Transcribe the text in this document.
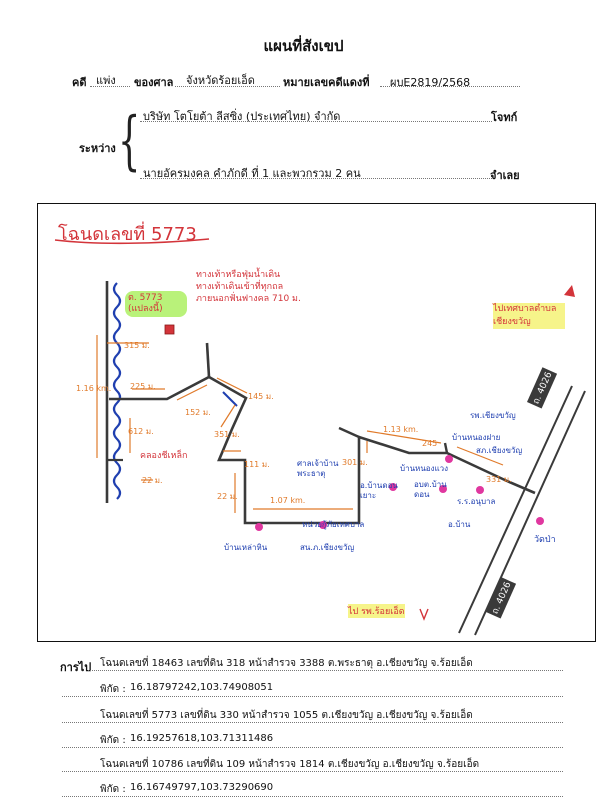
แผนที่สังเขป
คดี แพ่ง ของศาล จังหวัดร้อยเอ็ด	หมายเลขคดีแดงที่ ผบE2819/2568
ระหว่าง { บริษัท โตโยต้า ลีสซิ่ง (ประเทศไทย) จำกัด	โจทก์
นายอัครมงคล คำภักดี ที่ 1 และพวกรวม 2 คน	จำเลย
โฉนดเลขที่ 5773
ต. 5773 (แปลงนี้)
ทางเท้าหรือฟุ่มน้ำเดิน ทางเท้าเดินเข้าที่ทุกถล ภายนอกฟั่นฟางคล 710 ม.
ไปเทศบาลตำบล เชียงขวัญ
ไป รพ.ร้อยเอ็ด
ถ. 4026
ถ. 4026
คลองชีเหล็ก
315 ม.
1.16 km. 225 ม.
152 ม.
145 ม.
612 ม.	351 ม.
111 ม.
22 ม.	1.07 km.
301 ม.
1.13 km.
245
331 ม.
22 ม.
ศาลเจ้าบ้านพระธาตุ
บ้านเหล่าหิน	สน.ภ.เชียงขวัญ
อ.บ้านดอนเยาะ
อบต.บ้านดอน
ร.ร.อนุบาล
บ้านหนองฝาย
รพ.เชียงขวัญ
สภ.เชียงขวัญ
หน่วยกู้ภัยเทศบาล
บ้านหนองแวง
วัดป่า
อ.บ้าน
การไป โฉนดเลขที่ 18463 เลขที่ดิน 318 หน้าสำรวจ 3388 ต.พระธาตุ อ.เชียงขวัญ จ.ร้อยเอ็ด
พิกัด : 16.18797242,103.74908051
โฉนดเลขที่ 5773 เลขที่ดิน 330 หน้าสำรวจ 1055 ต.เชียงขวัญ อ.เชียงขวัญ จ.ร้อยเอ็ด
พิกัด : 16.19257618,103.71311486
โฉนดเลขที่ 10786 เลขที่ดิน 109 หน้าสำรวจ 1814 ต.เชียงขวัญ อ.เชียงขวัญ จ.ร้อยเอ็ด
พิกัด : 16.16749797,103.73290690
